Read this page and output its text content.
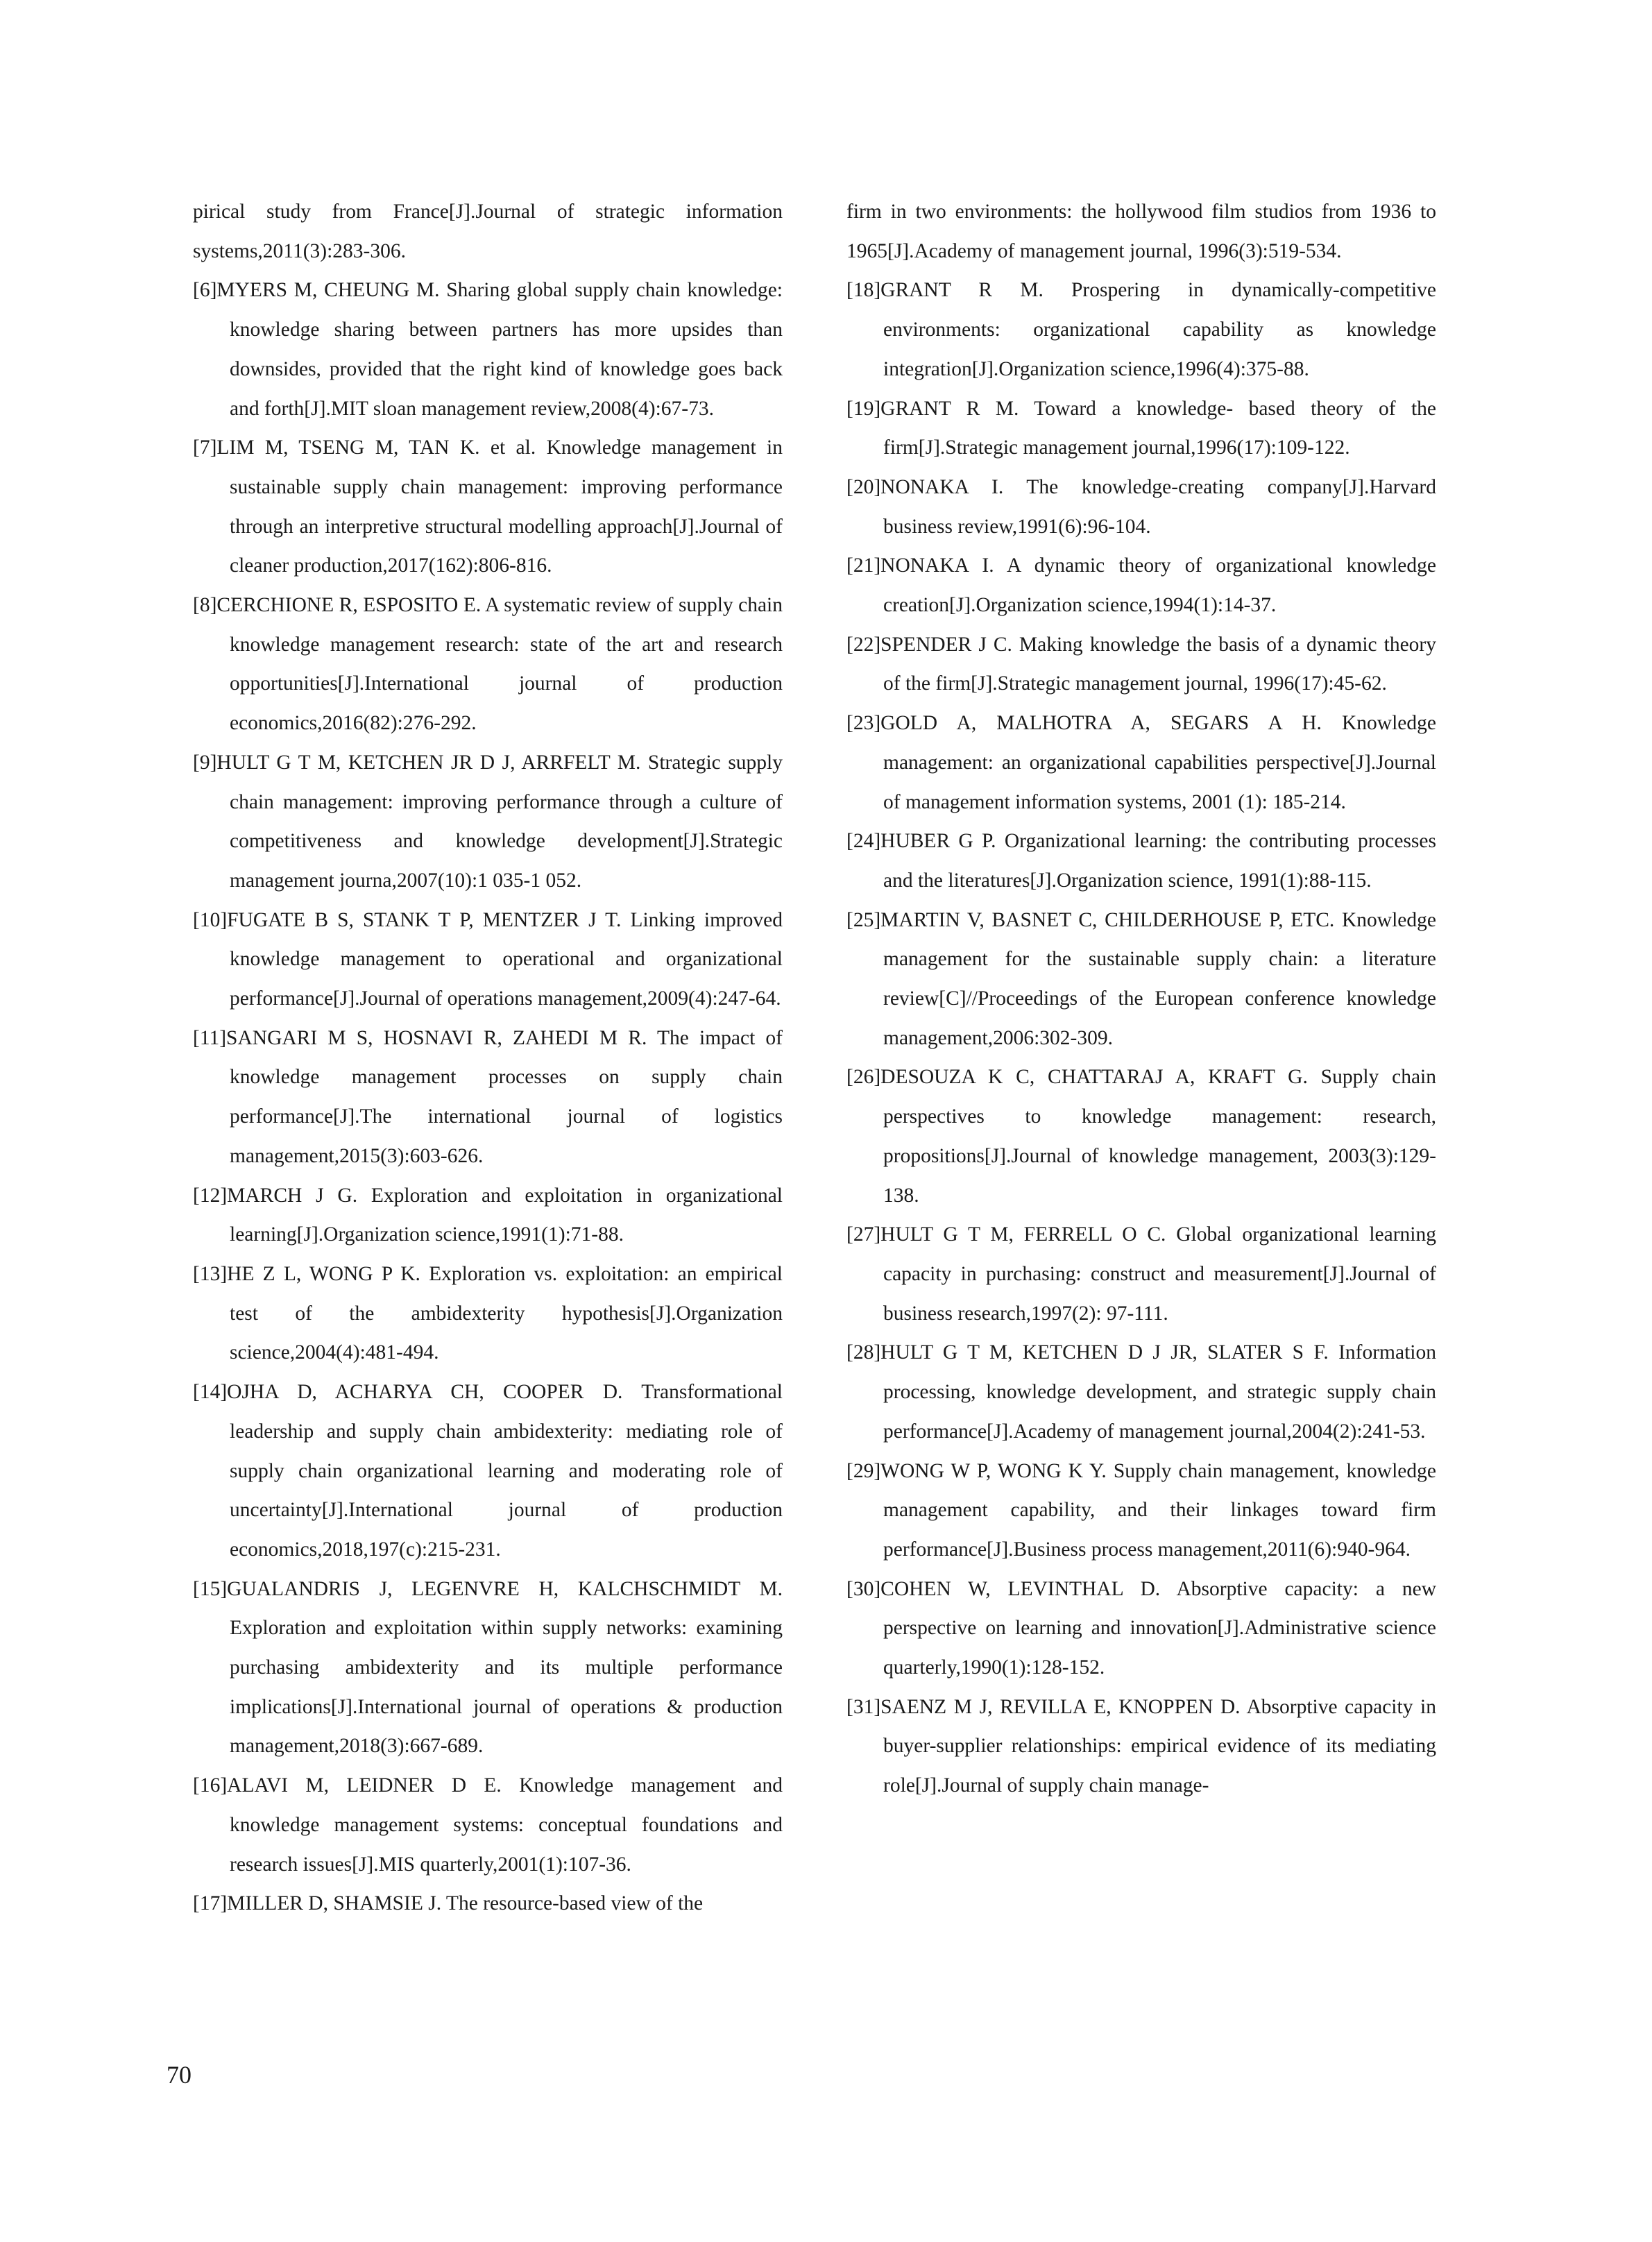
pirical study from France[J].Journal of strategic information systems,2011(3):283-306.
[6]MYERS M, CHEUNG M. Sharing global supply chain knowledge: knowledge sharing between partners has more upsides than downsides, provided that the right kind of knowledge goes back and forth[J].MIT sloan management review,2008(4):67-73.
[7]LIM M, TSENG M, TAN K. et al. Knowledge management in sustainable supply chain management: improving performance through an interpretive structural modelling approach[J].Journal of cleaner production,2017(162):806-816.
[8]CERCHIONE R, ESPOSITO E. A systematic review of supply chain knowledge management research: state of the art and research opportunities[J].International journal of production economics,2016(82):276-292.
[9]HULT G T M, KETCHEN JR D J, ARRFELT M. Strategic supply chain management: improving performance through a culture of competitiveness and knowledge development[J].Strategic management journa,2007(10):1 035-1 052.
[10]FUGATE B S, STANK T P, MENTZER J T. Linking improved knowledge management to operational and organizational performance[J].Journal of operations management,2009(4):247-64.
[11]SANGARI M S, HOSNAVI R, ZAHEDI M R. The impact of knowledge management processes on supply chain performance[J].The international journal of logistics management,2015(3):603-626.
[12]MARCH J G. Exploration and exploitation in organizational learning[J].Organization science,1991(1):71-88.
[13]HE Z L, WONG P K. Exploration vs. exploitation: an empirical test of the ambidexterity hypothesis[J].Organization science,2004(4):481-494.
[14]OJHA D, ACHARYA CH, COOPER D. Transformational leadership and supply chain ambidexterity: mediating role of supply chain organizational learning and moderating role of uncertainty[J].International journal of production economics,2018,197(c):215-231.
[15]GUALANDRIS J, LEGENVRE H, KALCHSCHMIDT M. Exploration and exploitation within supply networks: examining purchasing ambidexterity and its multiple performance implications[J].International journal of operations & production management,2018(3):667-689.
[16]ALAVI M, LEIDNER D E. Knowledge management and knowledge management systems: conceptual foundations and research issues[J].MIS quarterly,2001(1):107-36.
[17]MILLER D, SHAMSIE J. The resource-based view of the
firm in two environments: the hollywood film studios from 1936 to 1965[J].Academy of management journal, 1996(3):519-534.
[18]GRANT R M. Prospering in dynamically-competitive environments: organizational capability as knowledge integration[J].Organization science,1996(4):375-88.
[19]GRANT R M. Toward a knowledge- based theory of the firm[J].Strategic management journal,1996(17):109-122.
[20]NONAKA I. The knowledge-creating company[J].Harvard business review,1991(6):96-104.
[21]NONAKA I. A dynamic theory of organizational knowledge creation[J].Organization science,1994(1):14-37.
[22]SPENDER J C. Making knowledge the basis of a dynamic theory of the firm[J].Strategic management journal, 1996(17):45-62.
[23]GOLD A, MALHOTRA A, SEGARS A H. Knowledge management: an organizational capabilities perspective[J].Journal of management information systems, 2001 (1): 185-214.
[24]HUBER G P. Organizational learning: the contributing processes and the literatures[J].Organization science, 1991(1):88-115.
[25]MARTIN V, BASNET C, CHILDERHOUSE P, ETC. Knowledge management for the sustainable supply chain: a literature review[C]//Proceedings of the European conference knowledge management,2006:302-309.
[26]DESOUZA K C, CHATTARAJ A, KRAFT G. Supply chain perspectives to knowledge management: research, propositions[J].Journal of knowledge management, 2003(3):129-138.
[27]HULT G T M, FERRELL O C. Global organizational learning capacity in purchasing: construct and measurement[J].Journal of business research,1997(2): 97-111.
[28]HULT G T M, KETCHEN D J JR, SLATER S F. Information processing, knowledge development, and strategic supply chain performance[J].Academy of management journal,2004(2):241-53.
[29]WONG W P, WONG K Y. Supply chain management, knowledge management capability, and their linkages toward firm performance[J].Business process management,2011(6):940-964.
[30]COHEN W, LEVINTHAL D. Absorptive capacity: a new perspective on learning and innovation[J].Administrative science quarterly,1990(1):128-152.
[31]SAENZ M J, REVILLA E, KNOPPEN D. Absorptive capacity in buyer-supplier relationships: empirical evidence of its mediating role[J].Journal of supply chain manage-
70
